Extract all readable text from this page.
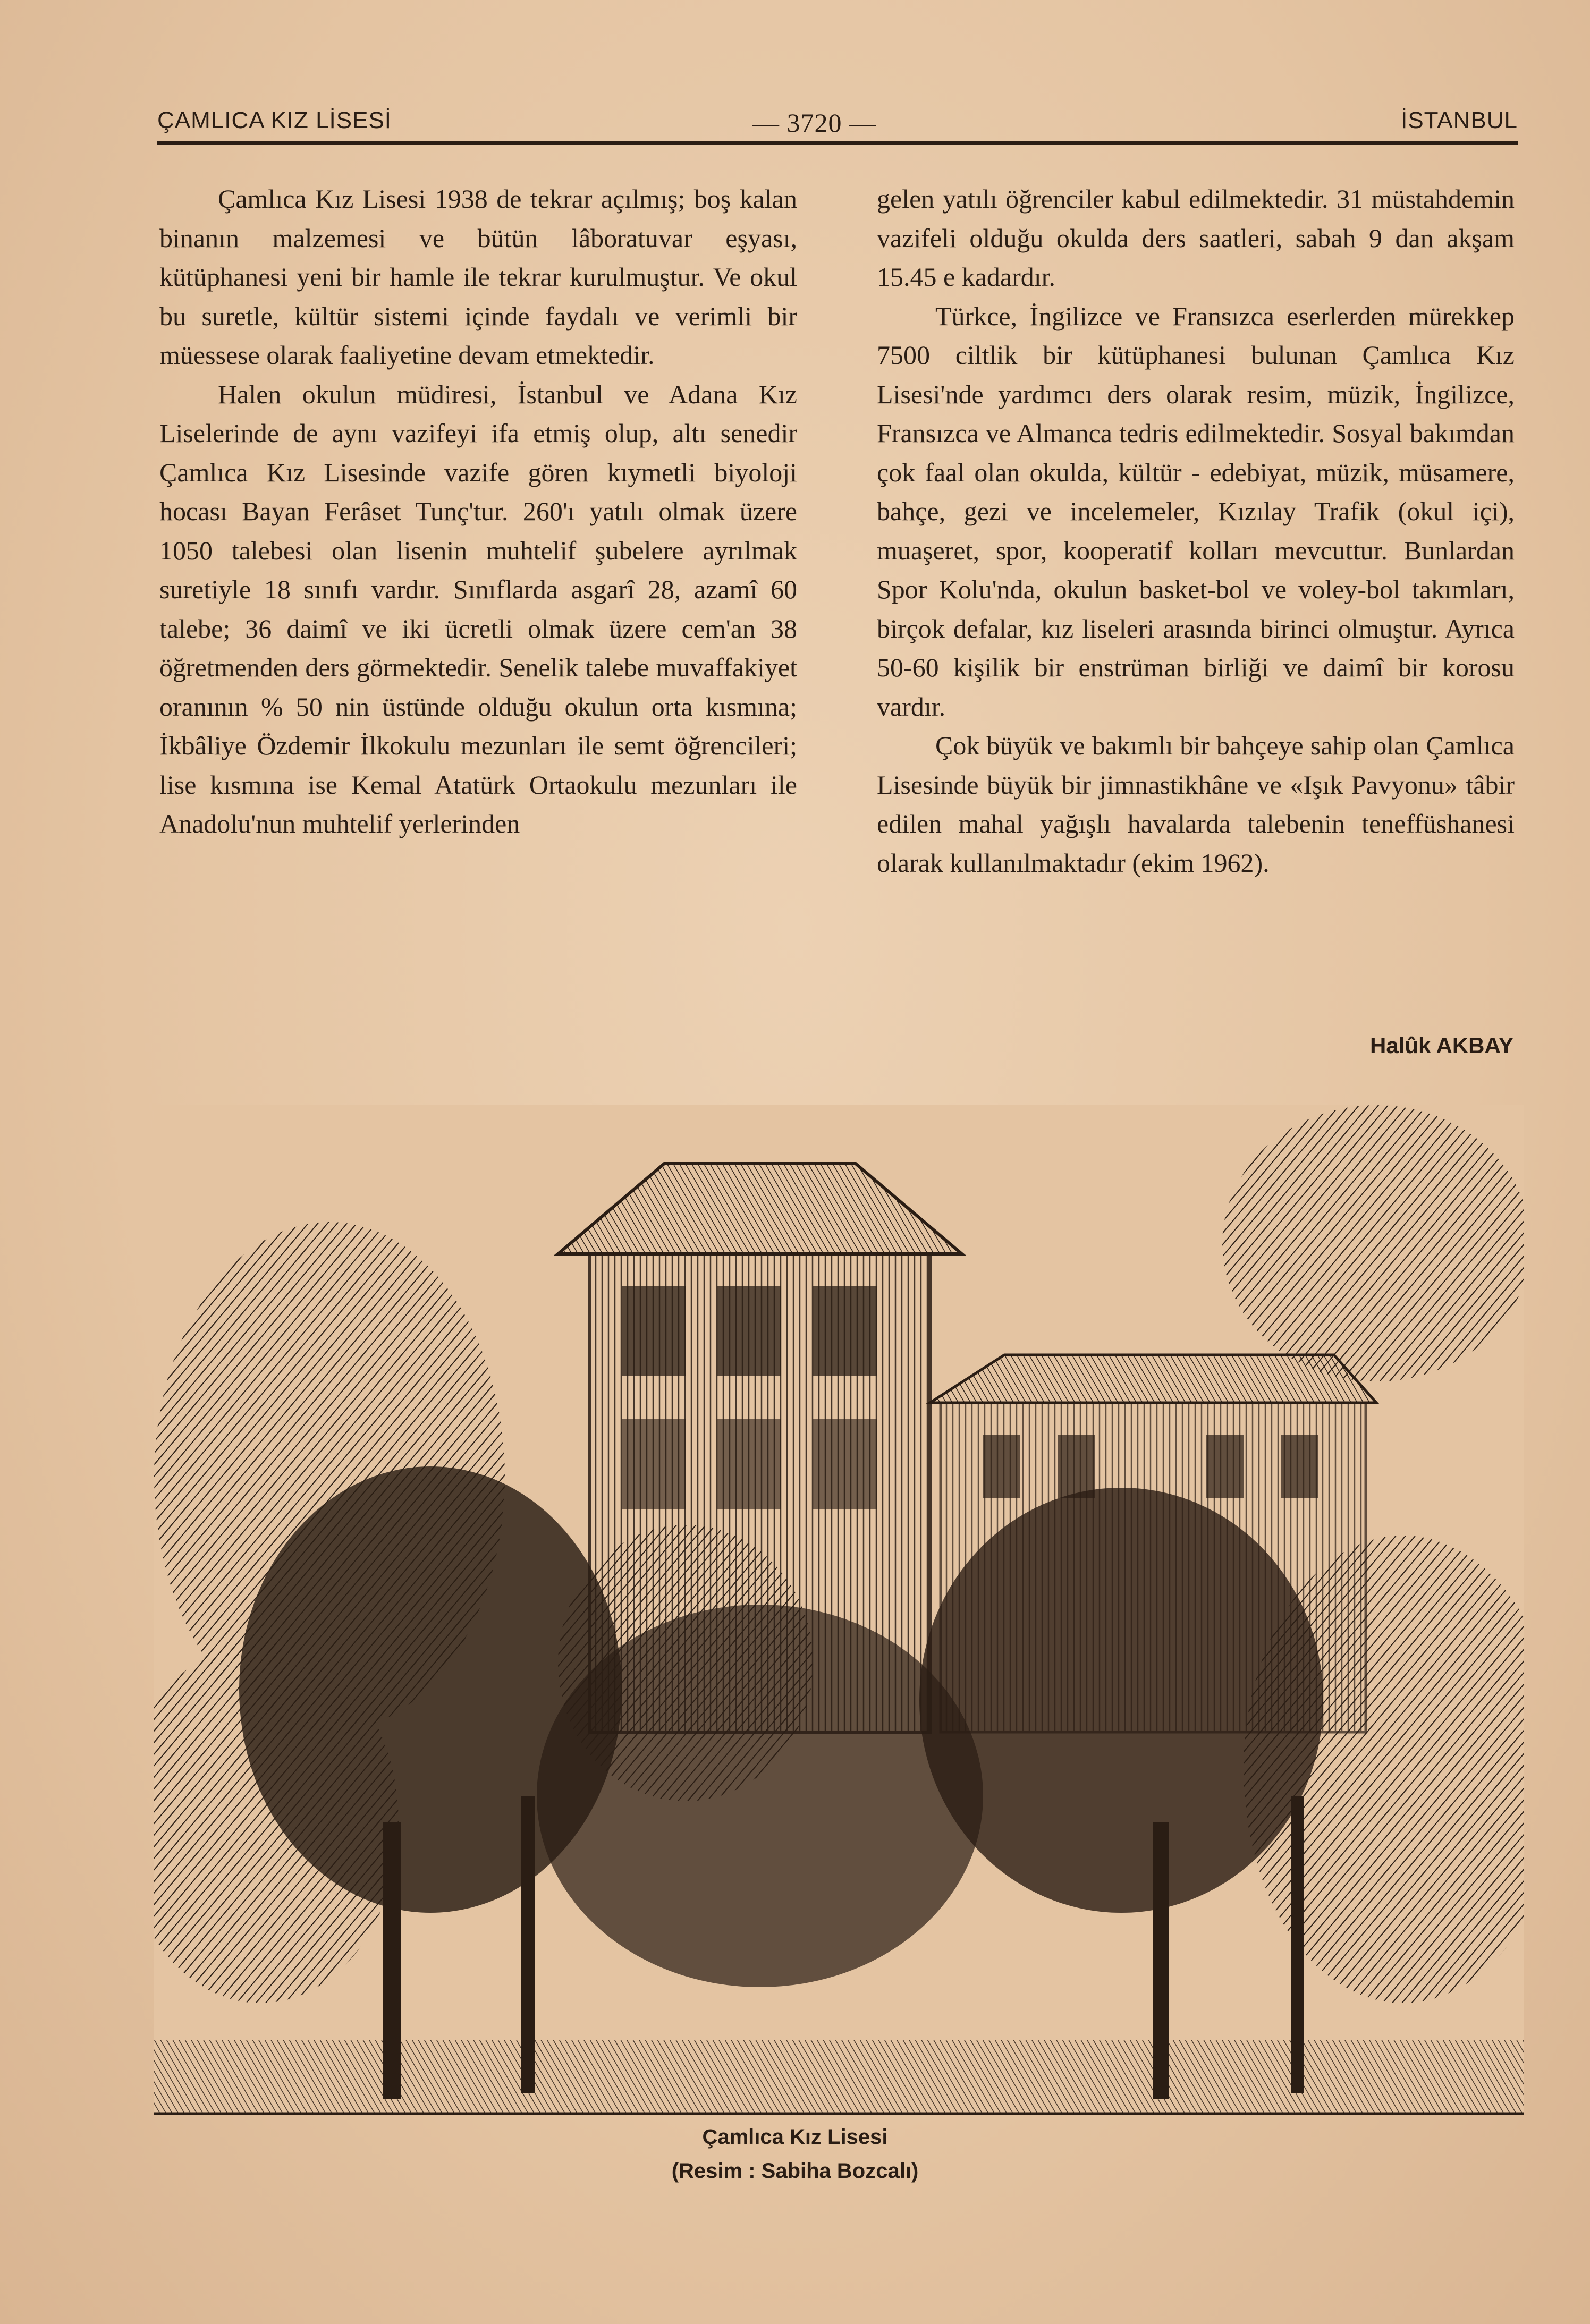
ÇAMLICA KIZ LİSESİ	— 3720 —	İSTANBUL

Çamlıca Kız Lisesi 1938 de tekrar açılmış; boş kalan binanın malzemesi ve bütün lâboratuvar eşyası, kütüphanesi yeni bir hamle ile tekrar kurulmuştur. Ve okul bu suretle, kültür sistemi içinde faydalı ve verimli bir müessese olarak faaliyetine devam etmektedir.

Halen okulun müdiresi, İstanbul ve Adana Kız Liselerinde de aynı vazifeyi ifa etmiş olup, altı senedir Çamlıca Kız Lisesinde vazife gören kıymetli biyoloji hocası Bayan Ferâset Tunç'tur. 260'ı yatılı olmak üzere 1050 talebesi olan lisenin muhtelif şubelere ayrılmak suretiyle 18 sınıfı vardır. Sınıflarda asgarî 28, azamî 60 talebe; 36 daimî ve iki ücretli olmak üzere cem'an 38 öğretmenden ders görmektedir. Senelik talebe muvaffakiyet oranının % 50 nin üstünde olduğu okulun orta kısmına; İkbâliye Özdemir İlkokulu mezunları ile semt öğrencileri; lise kısmına ise Kemal Atatürk Ortaokulu mezunları ile Anadolu'nun muhtelif yerlerinden

gelen yatılı öğrenciler kabul edilmektedir. 31 müstahdemin vazifeli olduğu okulda ders saatleri, sabah 9 dan akşam 15.45 e kadardır.

Türkce, İngilizce ve Fransızca eserlerden mürekkep 7500 ciltlik bir kütüphanesi bulunan Çamlıca Kız Lisesi'nde yardımcı ders olarak resim, müzik, İngilizce, Fransızca ve Almanca tedris edilmektedir. Sosyal bakımdan çok faal olan okulda, kültür - edebiyat, müzik, müsamere, bahçe, gezi ve incelemeler, Kızılay Trafik (okul içi), muaşeret, spor, kooperatif kolları mevcuttur. Bunlardan Spor Kolu'nda, okulun basket-bol ve voley-bol takımları, birçok defalar, kız liseleri arasında birinci olmuştur. Ayrıca 50-60 kişilik bir enstrüman birliği ve daimî bir korosu vardır.

Çok büyük ve bakımlı bir bahçeye sahip olan Çamlıca Lisesinde büyük bir jimnastikhâne ve «Işık Pavyonu» tâbir edilen mahal yağışlı havalarda talebenin teneffüshanesi olarak kullanılmaktadır (ekim 1962).

Halûk AKBAY
Çamlıca Kız Lisesi
(Resim : Sabiha Bozcalı)
